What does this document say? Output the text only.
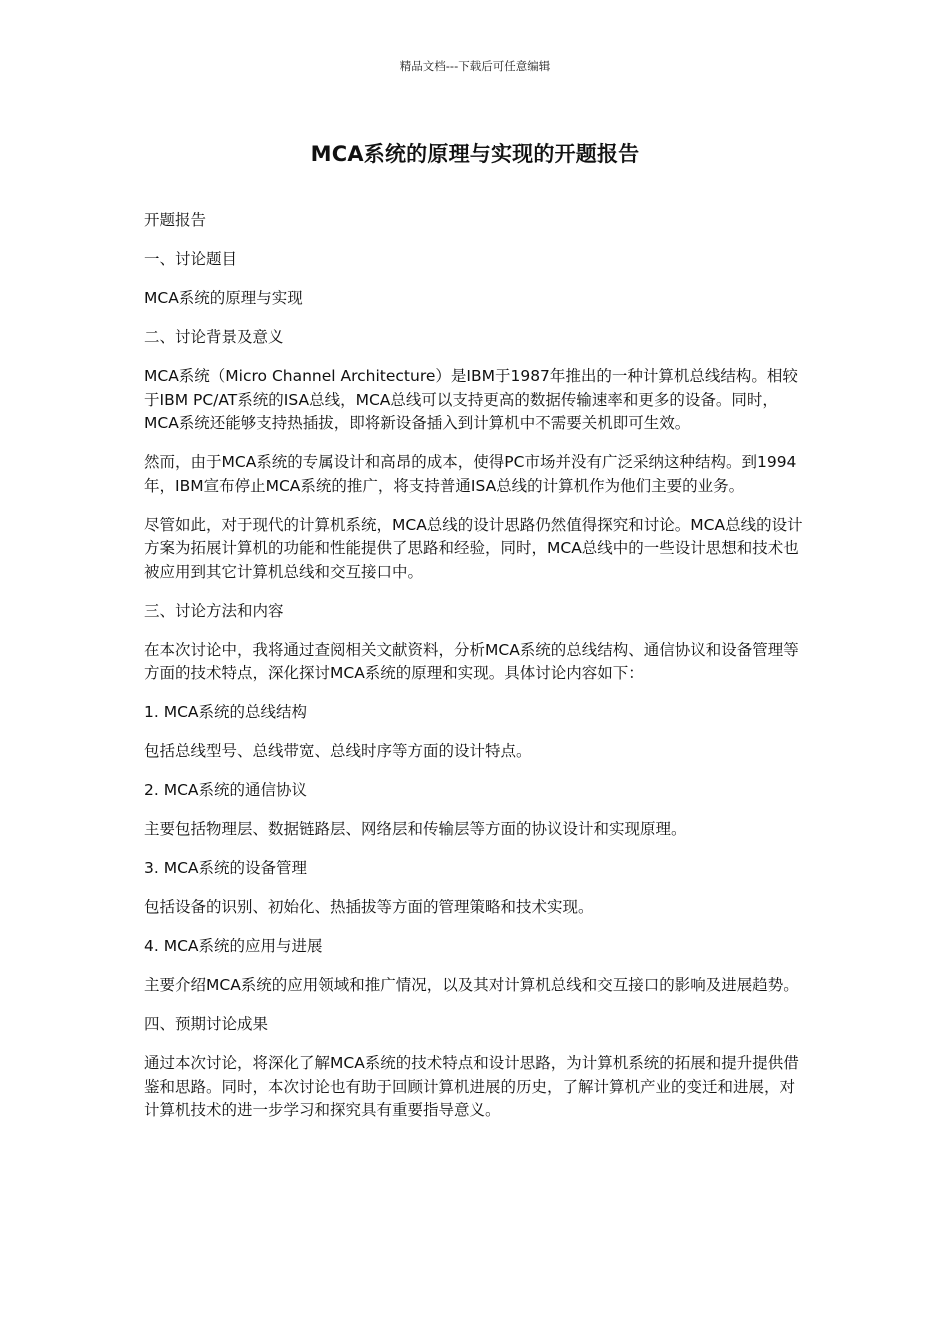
精品文档---下载后可任意编辑
MCA系统的原理与实现的开题报告

开题报告

一、讨论题目

MCA系统的原理与实现

二、讨论背景及意义

MCA系统（Micro Channel Architecture）是IBM于1987年推出的一种计算机总线结构。相较于IBM PC/AT系统的ISA总线，MCA总线可以支持更高的数据传输速率和更多的设备。同时，MCA系统还能够支持热插拔，即将新设备插入到计算机中不需要关机即可生效。

然而，由于MCA系统的专属设计和高昂的成本，使得PC市场并没有广泛采纳这种结构。到1994年，IBM宣布停止MCA系统的推广，将支持普通ISA总线的计算机作为他们主要的业务。

尽管如此，对于现代的计算机系统，MCA总线的设计思路仍然值得探究和讨论。MCA总线的设计方案为拓展计算机的功能和性能提供了思路和经验，同时，MCA总线中的一些设计思想和技术也被应用到其它计算机总线和交互接口中。

三、讨论方法和内容

在本次讨论中，我将通过查阅相关文献资料，分析MCA系统的总线结构、通信协议和设备管理等方面的技术特点，深化探讨MCA系统的原理和实现。具体讨论内容如下：

1. MCA系统的总线结构

包括总线型号、总线带宽、总线时序等方面的设计特点。

2. MCA系统的通信协议

主要包括物理层、数据链路层、网络层和传输层等方面的协议设计和实现原理。

3. MCA系统的设备管理

包括设备的识别、初始化、热插拔等方面的管理策略和技术实现。

4. MCA系统的应用与进展

主要介绍MCA系统的应用领域和推广情况，以及其对计算机总线和交互接口的影响及进展趋势。

四、预期讨论成果

通过本次讨论，将深化了解MCA系统的技术特点和设计思路，为计算机系统的拓展和提升提供借鉴和思路。同时，本次讨论也有助于回顾计算机进展的历史，了解计算机产业的变迁和进展，对计算机技术的进一步学习和探究具有重要指导意义。
